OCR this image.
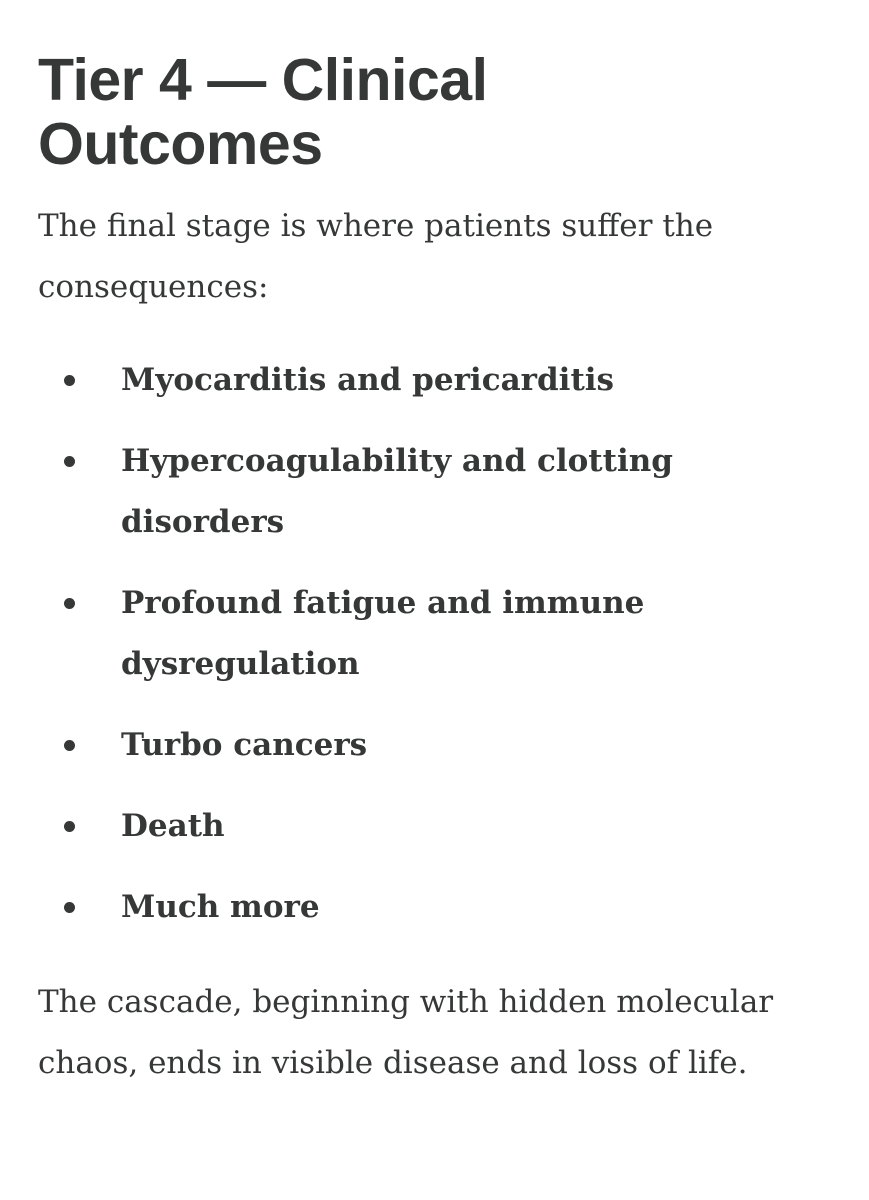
Tier 4 — Clinical Outcomes

The final stage is where patients suffer the consequences:

Myocarditis and pericarditis
Hypercoagulability and clotting disorders
Profound fatigue and immune dysregulation
Turbo cancers
Death
Much more

The cascade, beginning with hidden molecular chaos, ends in visible disease and loss of life.
